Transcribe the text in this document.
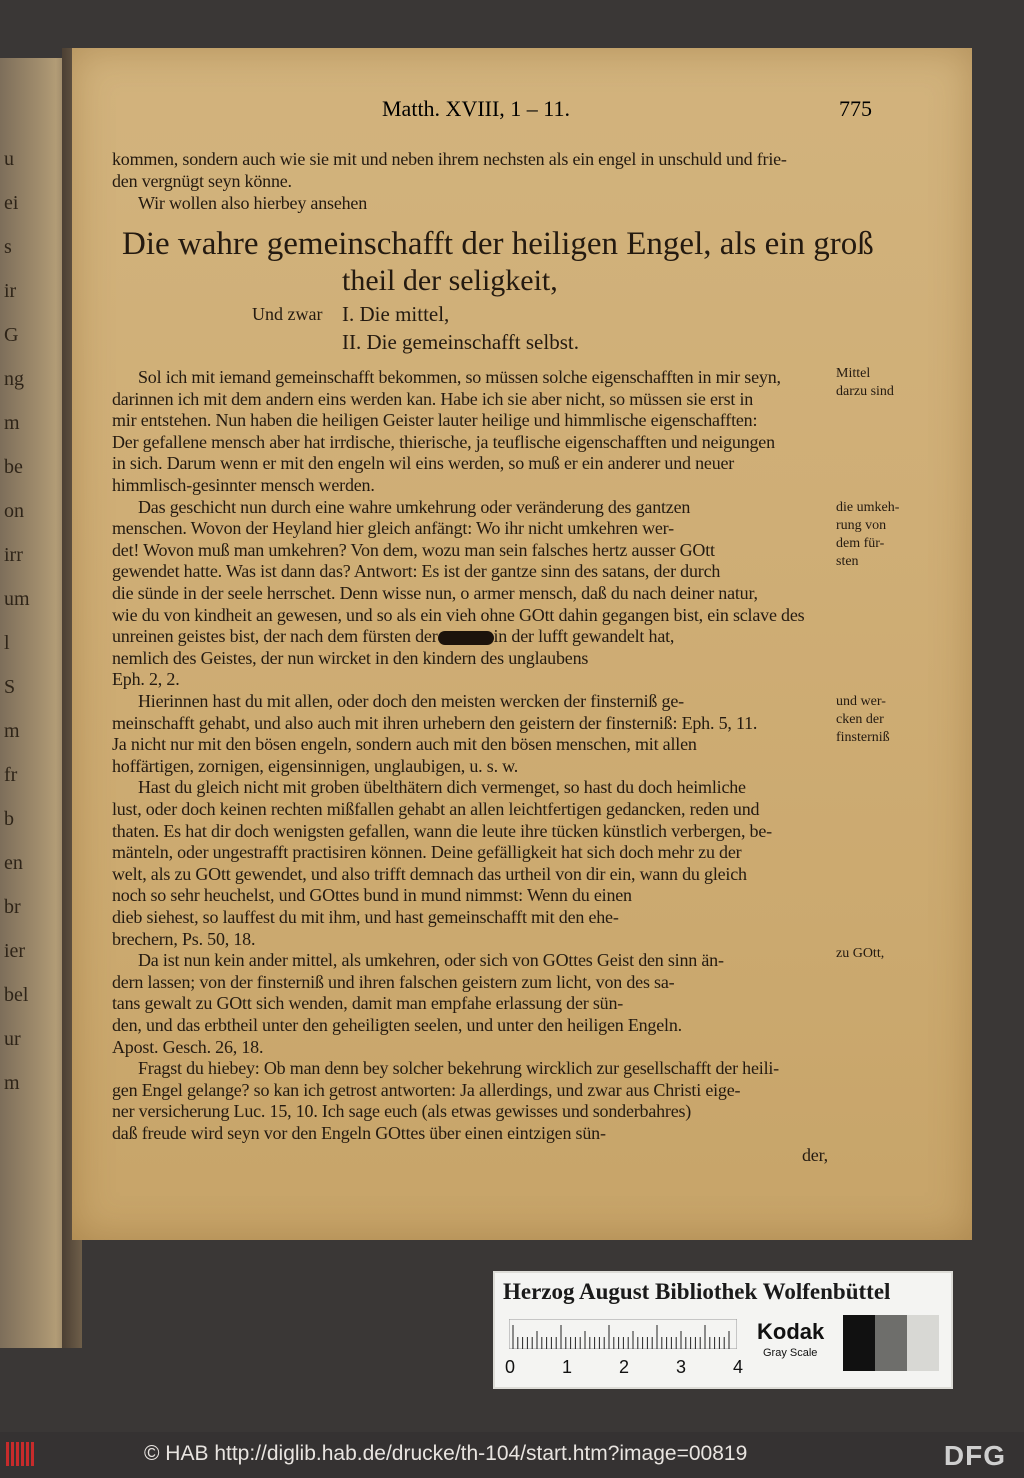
u
ei
s
ir
G
ng
m
be
on
irr
um
l
S
m
fr
b
en
br
ier
bel
ur
m
Matth. XVIII, 1 – 11.	775
kommen, sondern auch wie sie mit und neben ihrem nechsten als ein engel in unschuld und frie-
den vergnügt seyn könne.
Wir wollen also hierbey ansehen
Die wahre gemeinschafft der heiligen Engel, als ein groß
theil der seligkeit,
Und zwar I. Die mittel,
II. Die gemeinschafft selbst.
Sol ich mit iemand gemeinschafft bekommen, so müssen solche eigenschafften in mir seyn,
darinnen ich mit dem andern eins werden kan. Habe ich sie aber nicht, so müssen sie erst in
mir entstehen. Nun haben die heiligen Geister lauter heilige und himmlische eigenschafften:
Der gefallene mensch aber hat irrdische, thierische, ja teuflische eigenschafften und neigungen
in sich. Darum wenn er mit den engeln wil eins werden, so muß er ein anderer und neuer
himmlisch-gesinnter mensch werden.
Das geschicht nun durch eine wahre umkehrung oder veränderung des gantzen
menschen. Wovon der Heyland hier gleich anfängt: Wo ihr nicht umkehren wer-
det! Wovon muß man umkehren? Von dem, wozu man sein falsches hertz ausser GOtt
gewendet hatte. Was ist dann das? Antwort: Es ist der gantze sinn des satans, der durch
die sünde in der seele herrschet. Denn wisse nun, o armer mensch, daß du nach deiner natur,
wie du von kindheit an gewesen, und so als ein vieh ohne GOtt dahin gegangen bist, ein sclave des
unreinen geistes bist, der nach dem fürsten der	in der lufft gewandelt hat,
nemlich des Geistes, der nun wircket in den kindern des unglaubens
Eph. 2, 2.
Hierinnen hast du mit allen, oder doch den meisten wercken der finsterniß ge-
meinschafft gehabt, und also auch mit ihren urhebern den geistern der finsterniß: Eph. 5, 11.
Ja nicht nur mit den bösen engeln, sondern auch mit den bösen menschen, mit allen
hoffärtigen, zornigen, eigensinnigen, unglaubigen, u. s. w.
Hast du gleich nicht mit groben übelthätern dich vermenget, so hast du doch heimliche
lust, oder doch keinen rechten mißfallen gehabt an allen leichtfertigen gedancken, reden und
thaten. Es hat dir doch wenigsten gefallen, wann die leute ihre tücken künstlich verbergen, be-
mänteln, oder ungestrafft practisiren können. Deine gefälligkeit hat sich doch mehr zu der
welt, als zu GOtt gewendet, und also trifft demnach das urtheil von dir ein, wann du gleich
noch so sehr heuchelst, und GOttes bund in mund nimmst: Wenn du einen
dieb siehest, so lauffest du mit ihm, und hast gemeinschafft mit den ehe-
brechern, Ps. 50, 18.
Da ist nun kein ander mittel, als umkehren, oder sich von GOttes Geist den sinn än-
dern lassen; von der finsterniß und ihren falschen geistern zum licht, von des sa-
tans gewalt zu GOtt sich wenden, damit man empfahe erlassung der sün-
den, und das erbtheil unter den geheiligten seelen, und unter den heiligen Engeln.
Apost. Gesch. 26, 18.
Fragst du hiebey: Ob man denn bey solcher bekehrung wircklich zur gesellschafft der heili-
gen Engel gelange? so kan ich getrost antworten: Ja allerdings, und zwar aus Christi eige-
ner versicherung Luc. 15, 10. Ich sage euch (als etwas gewisses und sonderbahres)
daß freude wird seyn vor den Engeln GOttes über einen eintzigen sün-
der,
Mittel
darzu sind
die umkeh-
rung von
dem für-
sten
und wer-
cken der
finsterniß
zu GOtt,
Herzog August Bibliothek Wolfenbüttel
0	1	2	3	4
Kodak
Gray Scale
© HAB http://diglib.hab.de/drucke/th-104/start.htm?image=00819	DFG
